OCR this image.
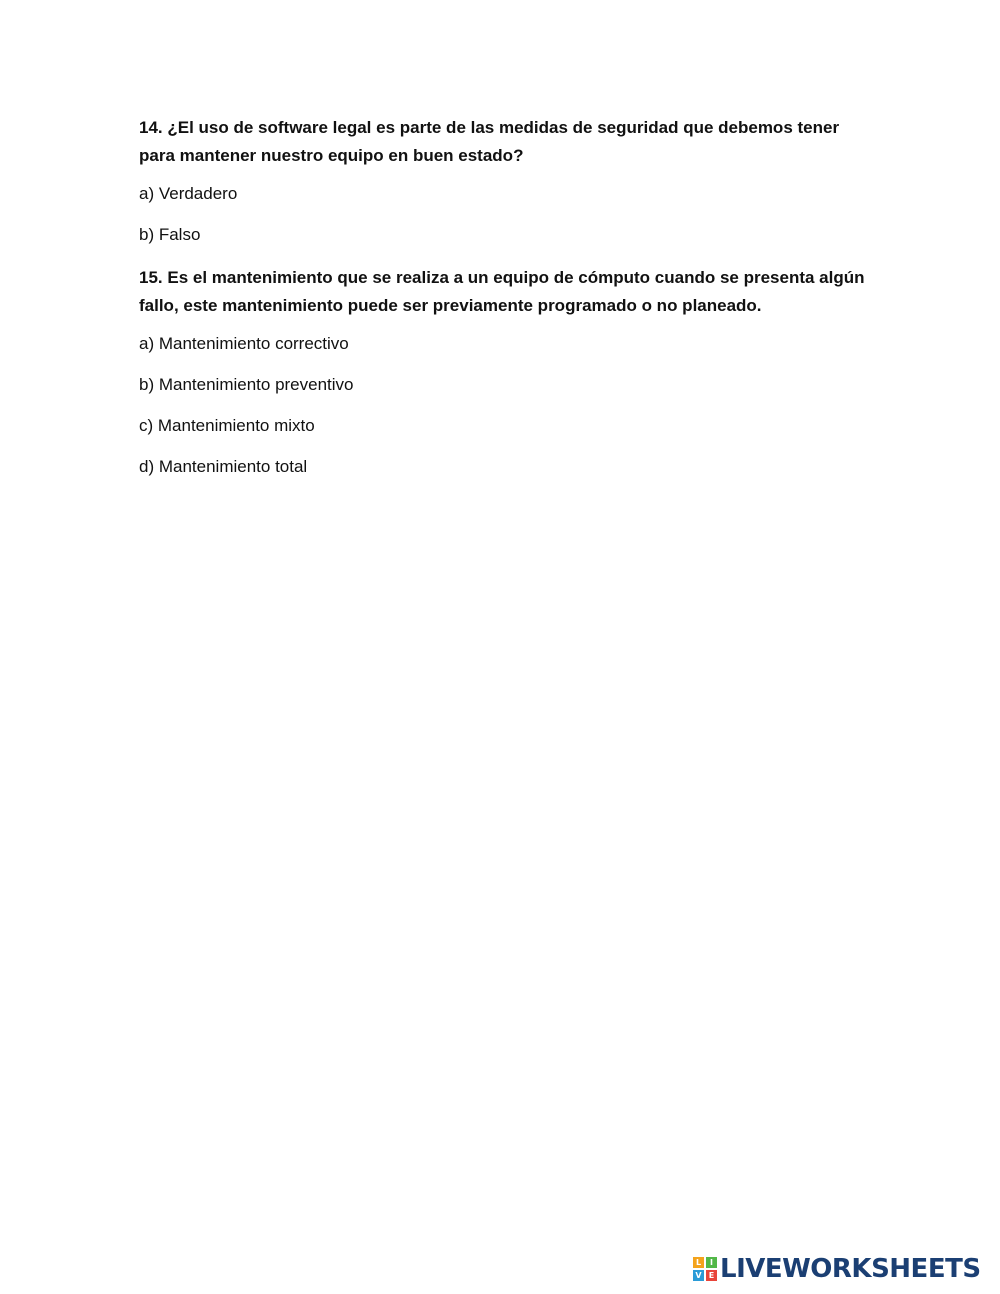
14. ¿El uso de software legal es parte de las medidas de seguridad que debemos tener para mantener nuestro equipo en buen estado?

a) Verdadero

b) Falso

15. Es el mantenimiento que se realiza a un equipo de cómputo cuando se presenta algún fallo, este mantenimiento puede ser previamente programado o no planeado.

a) Mantenimiento correctivo

b) Mantenimiento preventivo

c) Mantenimiento mixto

d) Mantenimiento total

L	I
V E LIVEWORKSHEETS
